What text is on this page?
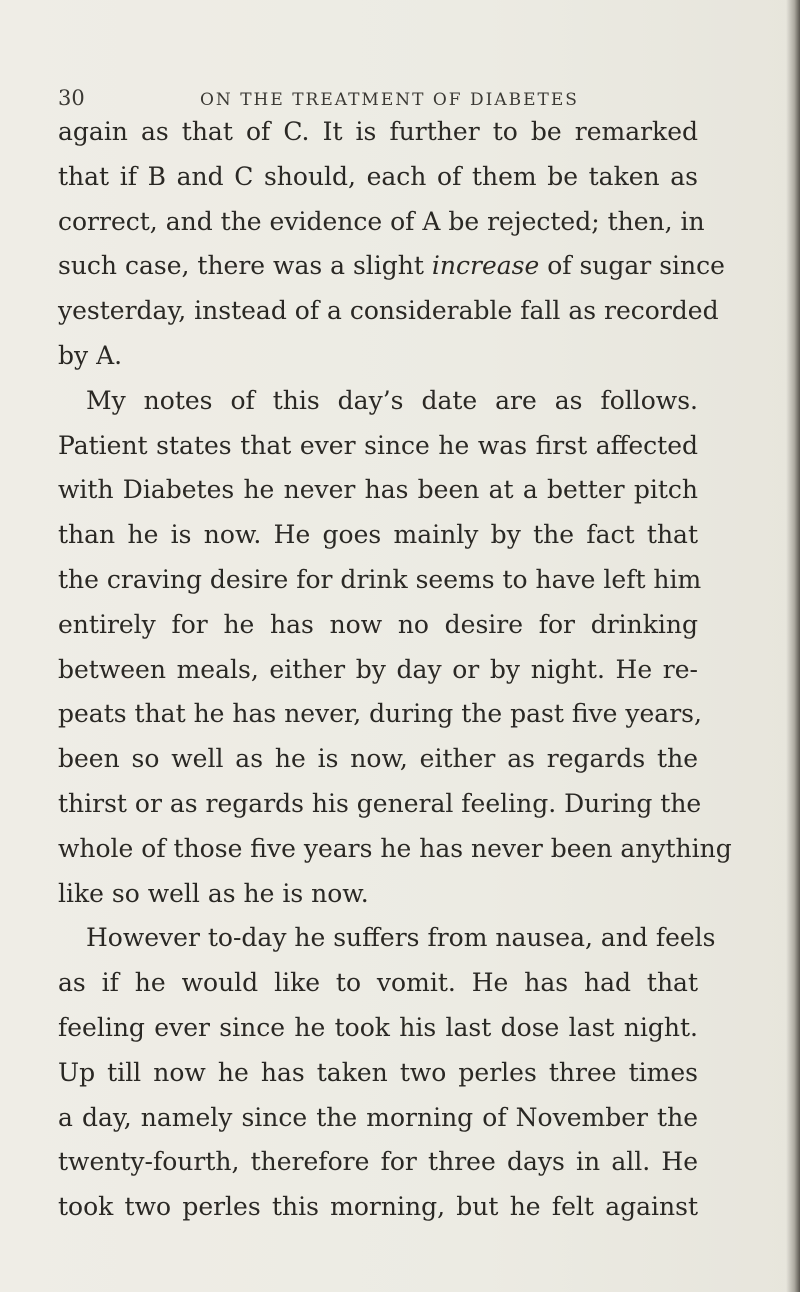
30	ON THE TREATMENT OF DIABETES
again as that of C. It is further to be remarked
that if B and C should, each of them be taken as
correct, and the evidence of A be rejected; then, in
such case, there was a slight increase of sugar since
yesterday, instead of a considerable fall as recorded
by A.
My notes of this day’s date are as follows.
Patient states that ever since he was first affected
with Diabetes he never has been at a better pitch
than he is now. He goes mainly by the fact that
the craving desire for drink seems to have left him
entirely for he has now no desire for drinking
between meals, either by day or by night. He re-
peats that he has never, during the past five years,
been so well as he is now, either as regards the
thirst or as regards his general feeling. During the
whole of those five years he has never been anything
like so well as he is now.
However to-day he suffers from nausea, and feels
as if he would like to vomit. He has had that
feeling ever since he took his last dose last night.
Up till now he has taken two perles three times
a day, namely since the morning of November the
twenty-fourth, therefore for three days in all. He
took two perles this morning, but he felt against
